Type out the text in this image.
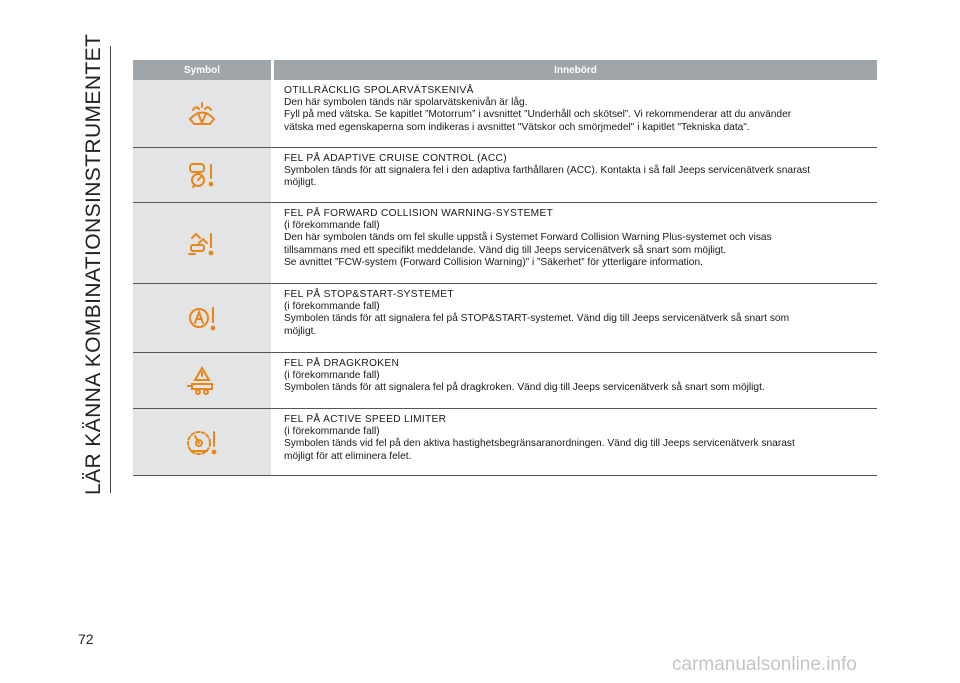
LÄR KÄNNA KOMBINATIONSINSTRUMENTET	Symbol	Innebörd
OTILLRÄCKLIG SPOLARVÄTSKENIVÅ
Den här symbolen tänds när spolarvätskenivån är låg.
Fyll på med vätska. Se kapitlet ”Motorrum” i avsnittet ”Underhåll och skötsel”. Vi rekommenderar att du använder
vätska med egenskaperna som indikeras i avsnittet "Vätskor och smörjmedel" i kapitlet "Tekniska data".
FEL PÅ ADAPTIVE CRUISE CONTROL (ACC)
Symbolen tänds för att signalera fel i den adaptiva farthållaren (ACC). Kontakta i så fall Jeeps servicenätverk snarast
möjligt.
FEL PÅ FORWARD COLLISION WARNING-SYSTEMET
(i förekommande fall)
Den här symbolen tänds om fel skulle uppstå i Systemet Forward Collision Warning Plus-systemet och visas
tillsammans med ett specifikt meddelande. Vänd dig till Jeeps servicenätverk så snart som möjligt.
Se avnittet ”FCW-system (Forward Collision Warning)” i ”Säkerhet” för ytterligare information.
FEL PÅ STOP&START-SYSTEMET
(i förekommande fall)
Symbolen tänds för att signalera fel på STOP&START-systemet. Vänd dig till Jeeps servicenätverk så snart som
möjligt.
FEL PÅ DRAGKROKEN
(i förekommande fall)
Symbolen tänds för att signalera fel på dragkroken. Vänd dig till Jeeps servicenätverk så snart som möjligt.
FEL PÅ ACTIVE SPEED LIMITER
(i förekommande fall)
Symbolen tänds vid fel på den aktiva hastighetsbegränsaranordningen. Vänd dig till Jeeps servicenätverk snarast
möjligt för att eliminera felet.
72
carmanualsonline.info
